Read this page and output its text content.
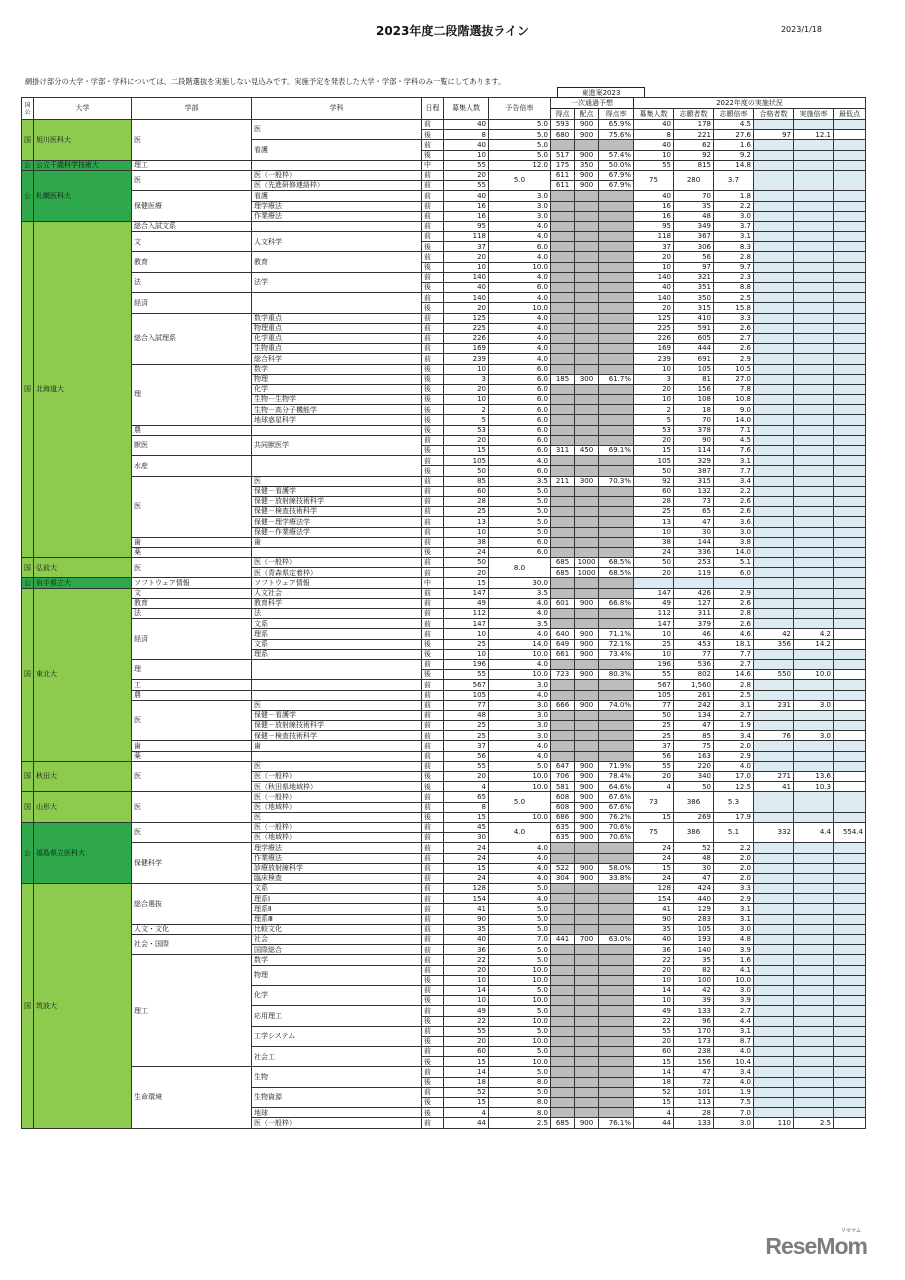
2023年度二段階選抜ライン	2023/1/18
網掛け部分の大学・学部・学科については、二段階選抜を実施しない見込みです。実施予定を発表した大学・学部・学科のみ一覧にしてあります。
東進案2023
国公	大学	学部	学科	日程	募集人数	予告倍率	一次通過予想			2022年度の実施状況					
							得点	配点	得点率	募集人数	志願者数	志願倍率	合格者数	実施倍率	最低点
国	旭川医科大	医	医	前	40	5.0	593	900	65.9%	40	178	4.5			
				後	8	5.0	680	900	75.6%	8	221	27.6	97	12.1	
			看護	前	40	5.0				40	62	1.6			
				後	10	5.0	517	900	57.4%	10	92	9.2			
公	公立千歳科学技術大	理工		中	55	12.0	175	350	50.0%	55	815	14.8			
公	札幌医科大	医	医（一般枠）	前	20	5.0	611	900	67.9%	75	280	3.7			
			医（先進研修連絡枠）	前	55		611	900	67.9%						
		保健医療	看護	前	40	3.0				40	70	1.8			
			理学療法	前	16	3.0				16	35	2.2			
			作業療法	前	16	3.0				16	48	3.0			
国	北海道大	総合入試文系		前	95	4.0				95	349	3.7			
		文	人文科学	前	118	4.0				118	367	3.1			
				後	37	6.0				37	306	8.3			
		教育	教育	前	20	4.0				20	56	2.8			
				後	10	10.0				10	97	9.7			
		法	法学	前	140	4.0				140	321	2.3			
				後	40	6.0				40	351	8.8			
		経済		前	140	4.0				140	350	2.5			
				後	20	10.0				20	315	15.8			
		総合入試理系	数学重点	前	125	4.0				125	410	3.3			
			物理重点	前	225	4.0				225	591	2.6			
			化学重点	前	226	4.0				226	605	2.7			
			生物重点	前	169	4.0				169	444	2.6			
			総合科学	前	239	4.0				239	691	2.9			
		理	数学	後	10	6.0				10	105	10.5			
			物理	後	3	6.0	185	300	61.7%	3	81	27.0			
			化学	後	20	6.0				20	156	7.8			
			生物－生物学	後	10	6.0				10	108	10.8			
			生物－高分子機能学	後	2	6.0				2	18	9.0			
			地球惑星科学	後	5	6.0				5	70	14.0			
		農		後	53	6.0				53	378	7.1			
		獣医	共同獣医学	前	20	6.0				20	90	4.5			
				後	15	6.0	311	450	69.1%	15	114	7.6			
		水産		前	105	4.0				105	329	3.1			
				後	50	6.0				50	387	7.7			
		医	医	前	85	3.5	211	300	70.3%	92	315	3.4			
			保健－看護学	前	60	5.0				60	132	2.2			
			保健－放射線技術科学	前	28	5.0				28	73	2.6			
			保健－検査技術科学	前	25	5.0				25	65	2.6			
			保健－理学療法学	前	13	5.0				13	47	3.6			
			保健－作業療法学	前	10	5.0				10	30	3.0			
		歯	歯	前	38	6.0				38	144	3.8			
		薬		後	24	6.0				24	336	14.0			
国	弘前大	医	医（一般枠）	前	50	8.0	685	1000	68.5%	50	253	5.1			
			医（青森県定着枠）	前	20		685	1000	68.5%	20	119	6.0			
公	岩手県立大	ソフトウェア情報	ソフトウェア情報	中	15	30.0									
国	東北大	文	人文社会	前	147	3.5				147	426	2.9			
		教育	教育科学	前	49	4.0	601	900	66.8%	49	127	2.6			
		法	法	前	112	4.0				112	311	2.8			
		経済	文系	前	147	3.5				147	379	2.6			
			理系	前	10	4.0	640	900	71.1%	10	46	4.6	42	4.2	
			文系	後	25	14.0	649	900	72.1%	25	453	18.1	356	14.2	
			理系	後	10	10.0	661	900	73.4%	10	77	7.7			
		理		前	196	4.0				196	536	2.7			
				後	55	10.0	723	900	80.3%	55	802	14.6	550	10.0	
		工		前	567	3.0				567	1,560	2.8			
		農		前	105	4.0				105	261	2.5			
		医	医	前	77	3.0	666	900	74.0%	77	242	3.1	231	3.0	
			保健－看護学	前	48	3.0				50	134	2.7			
			保健－放射線技術科学	前	25	3.0				25	47	1.9			
			保健－検査技術科学	前	25	3.0				25	85	3.4	76	3.0	
		歯	歯	前	37	4.0				37	75	2.0			
		薬		前	56	4.0				56	163	2.9			
国	秋田大	医	医	前	55	5.0	647	900	71.9%	55	220	4.0			
			医（一般枠）	後	20	10.0	706	900	78.4%	20	340	17.0	271	13.6	
			医（秋田県地域枠）	後	4	10.0	581	900	64.6%	4	50	12.5	41	10.3	
国	山形大	医	医（一般枠）	前	65	5.0	608	900	67.6%	73	386	5.3			
			医（地域枠）	前	8		608	900	67.6%						
			医	後	15	10.0	686	900	76.2%	15	269	17.9			
公	福島県立医科大	医	医（一般枠）	前	45	4.0	635	900	70.6%	75	386	5.1	332	4.4	554.4
			医（地域枠）	前	30		635	900	70.6%						
		保健科学	理学療法	前	24	4.0				24	52	2.2			
			作業療法	前	24	4.0				24	48	2.0			
			診療放射線科学	前	15	4.0	522	900	58.0%	15	30	2.0			
			臨床検査	前	24	4.0	304	900	33.8%	24	47	2.0			
国	筑波大	総合選抜	文系	前	128	5.0				128	424	3.3			
			理系Ⅰ	前	154	4.0				154	440	2.9			
			理系Ⅱ	前	41	5.0				41	129	3.1			
			理系Ⅲ	前	90	5.0				90	283	3.1			
		人文・文化	比較文化	前	35	5.0				35	105	3.0			
		社会・国際	社会	前	40	7.0	441	700	63.0%	40	193	4.8			
			国際総合	前	36	5.0				36	140	3.9			
		理工	数学	前	22	5.0				22	35	1.6			
			物理	前	20	10.0				20	82	4.1			
				後	10	10.0				10	100	10.0			
			化学	前	14	5.0				14	42	3.0			
				後	10	10.0				10	39	3.9			
			応用理工	前	49	5.0				49	133	2.7			
				後	22	10.0				22	96	4.4			
			工学システム	前	55	5.0				55	170	3.1			
				後	20	10.0				20	173	8.7			
			社会工	前	60	5.0				60	238	4.0			
				後	15	10.0				15	156	10.4			
		生命環境	生物	前	14	5.0				14	47	3.4			
				後	18	8.0				18	72	4.0			
			生物資源	前	52	5.0				52	101	1.9			
				後	15	8.0				15	113	7.5			
			地球	後	4	8.0				4	28	7.0			
			医（一般枠）	前	44	2.5	685	900	76.1%	44	133	3.0	110	2.5	
ReseMom
リセマム
